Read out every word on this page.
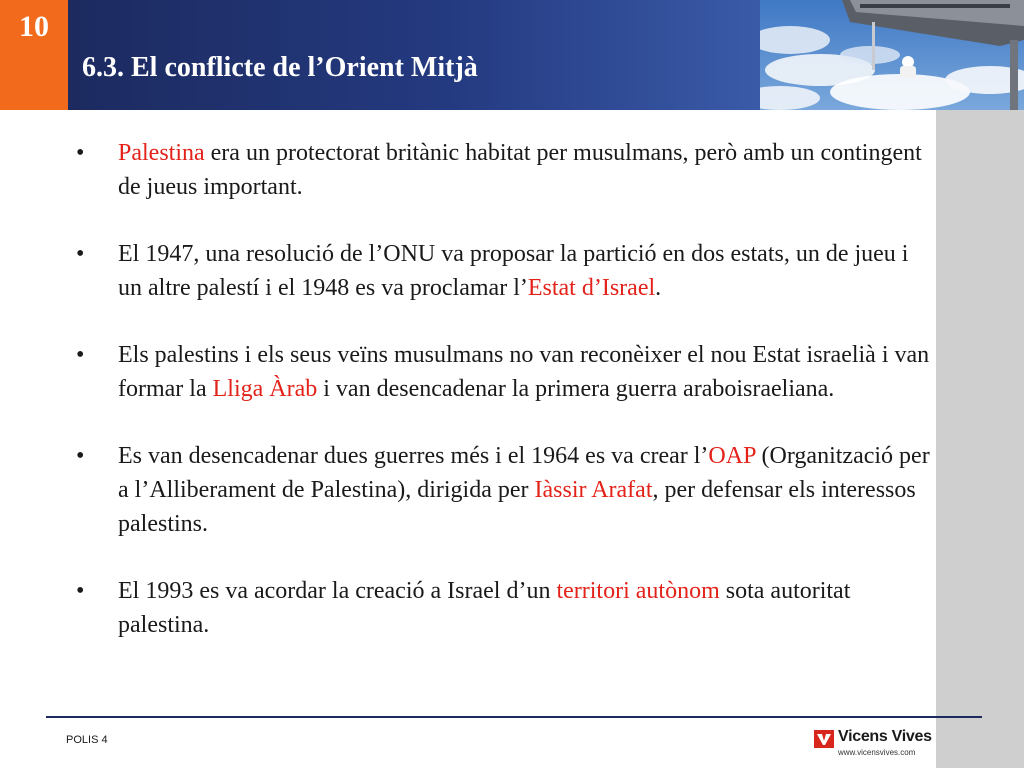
10
6.3. El conflicte de l’Orient Mitjà
• Palestina era un protectorat britànic habitat per musulmans, però amb un contingent de jueus important.
• El 1947, una resolució de l’ONU va proposar la partició en dos estats, un de jueu i un altre palestí i el 1948 es va proclamar l’Estat d’Israel.
• Els palestins i els seus veïns musulmans no van reconèixer el nou Estat israelià i van formar la Lliga Àrab i van desencadenar la primera guerra araboisraeliana.
• Es van desencadenar dues guerres més i el 1964 es va crear l’OAP (Organització per a l’Alliberament de Palestina), dirigida per Iàssir Arafat, per defensar els interessos palestins.
• El 1993 es va acordar la creació a Israel d’un territori autònom sota autoritat palestina.
POLIS 4	Vicens Vives
www.vicensvives.com
